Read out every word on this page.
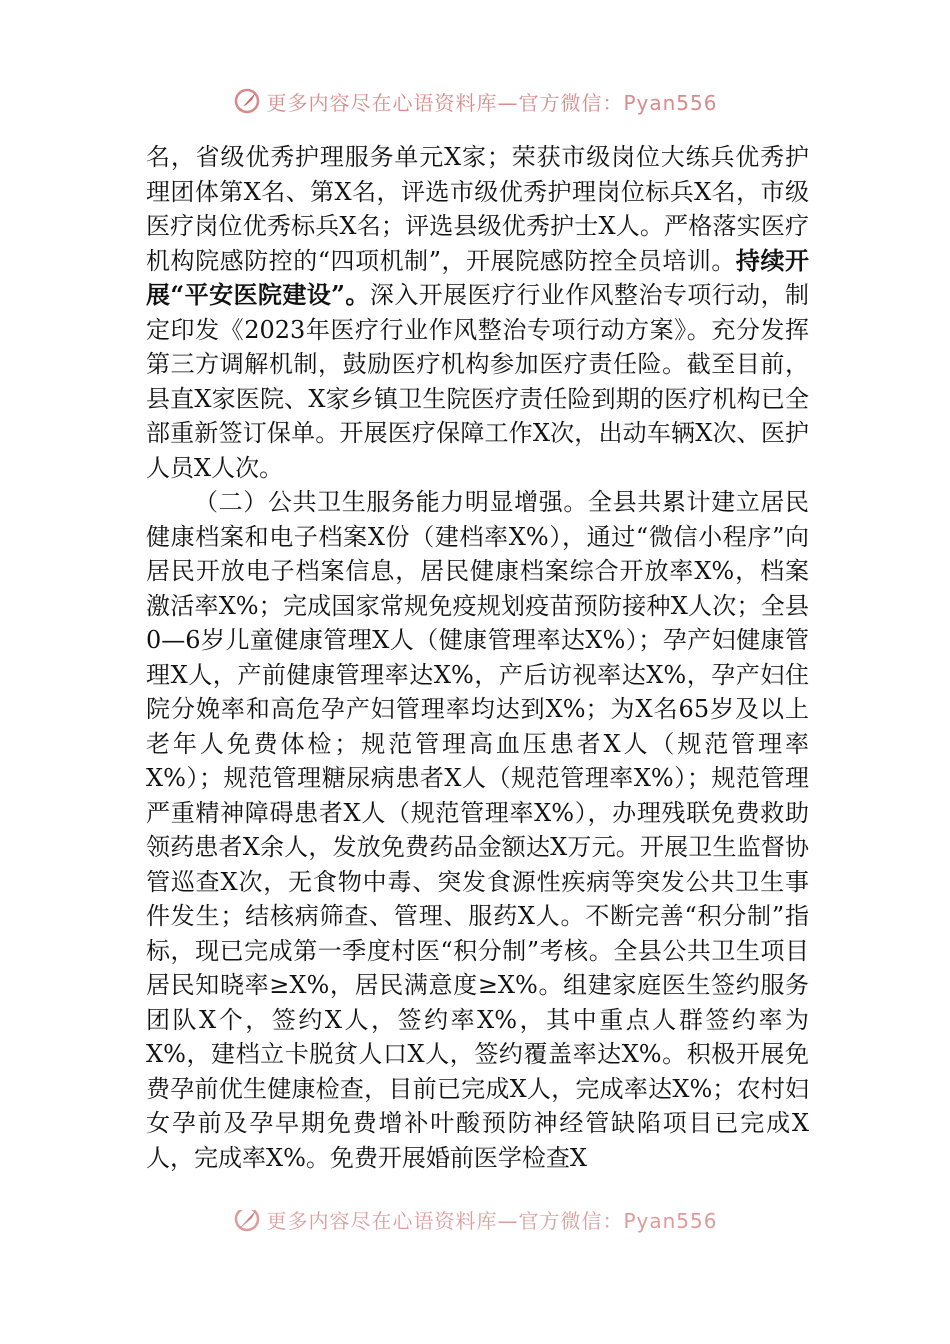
更多内容尽在心语资料库—官方微信：Pyan556

名，省级优秀护理服务单元X家；荣获市级岗位大练兵优秀护理团体第X名、第X名，评选市级优秀护理岗位标兵X名，市级医疗岗位优秀标兵X名；评选县级优秀护士X人。严格落实医疗机构院感防控的“四项机制”，开展院感防控全员培训。持续开展“平安医院建设”。深入开展医疗行业作风整治专项行动，制定印发《2023年医疗行业作风整治专项行动方案》。充分发挥第三方调解机制，鼓励医疗机构参加医疗责任险。截至目前，县直X家医院、X家乡镇卫生院医疗责任险到期的医疗机构已全部重新签订保单。开展医疗保障工作X次，出动车辆X次、医护人员X人次。

（二）公共卫生服务能力明显增强。全县共累计建立居民健康档案和电子档案X份（建档率X%），通过“微信小程序”向居民开放电子档案信息，居民健康档案综合开放率X%，档案激活率X%；完成国家常规免疫规划疫苗预防接种X人次；全县0—6岁儿童健康管理X人（健康管理率达X%）；孕产妇健康管理X人，产前健康管理率达X%，产后访视率达X%，孕产妇住院分娩率和高危孕产妇管理率均达到X%；为X名65岁及以上老年人免费体检；规范管理高血压患者X人（规范管理率X%）；规范管理糖尿病患者X人（规范管理率X%）；规范管理严重精神障碍患者X人（规范管理率X%），办理残联免费救助领药患者X余人，发放免费药品金额达X万元。开展卫生监督协管巡查X次，无食物中毒、突发食源性疾病等突发公共卫生事件发生；结核病筛查、管理、服药X人。不断完善“积分制”指标，现已完成第一季度村医“积分制”考核。全县公共卫生项目居民知晓率≥X%，居民满意度≥X%。组建家庭医生签约服务团队X个，签约X人，签约率X%，其中重点人群签约率为X%，建档立卡脱贫人口X人，签约覆盖率达X%。积极开展免费孕前优生健康检查，目前已完成X人，完成率达X%；农村妇女孕前及孕早期免费增补叶酸预防神经管缺陷项目已完成X人，完成率X%。免费开展婚前医学检查X

更多内容尽在心语资料库—官方微信：Pyan556
